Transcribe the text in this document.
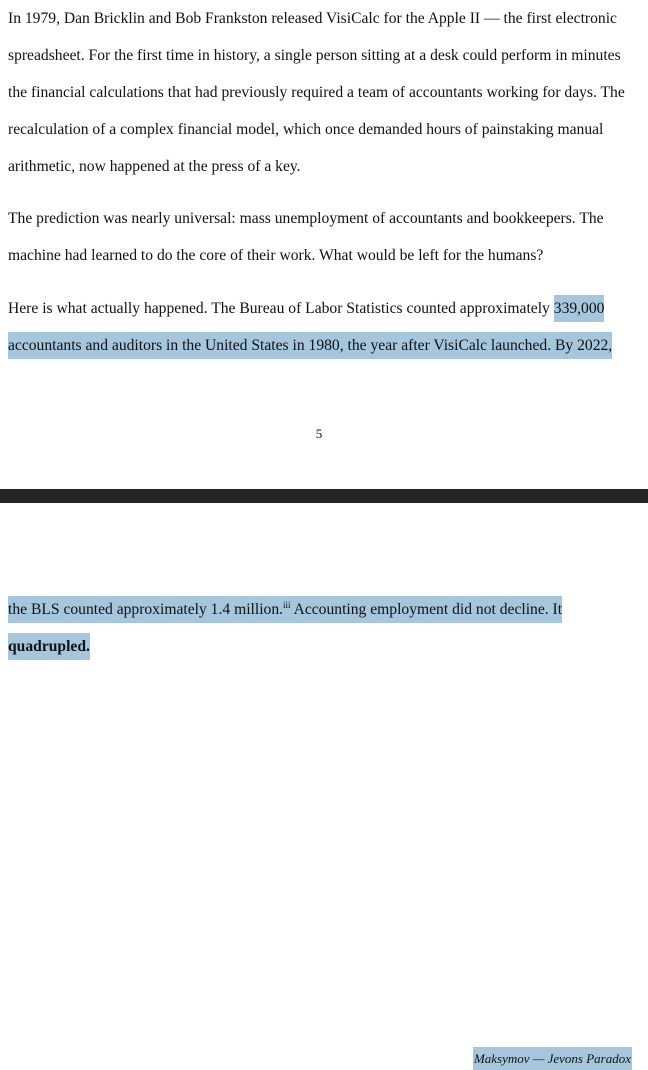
In 1979, Dan Bricklin and Bob Frankston released VisiCalc for the Apple II — the first electronic spreadsheet. For the first time in history, a single person sitting at a desk could perform in minutes the financial calculations that had previously required a team of accountants working for days. The recalculation of a complex financial model, which once demanded hours of painstaking manual arithmetic, now happened at the press of a key.

The prediction was nearly universal: mass unemployment of accountants and bookkeepers. The machine had learned to do the core of their work. What would be left for the humans?

Here is what actually happened. The Bureau of Labor Statistics counted approximately 339,000 accountants and auditors in the United States in 1980, the year after VisiCalc launched. By 2022,

5
Maksymov — Jevons Paradox

the BLS counted approximately 1.4 million.$^{iii}$ Accounting employment did not decline. It quadrupled.
